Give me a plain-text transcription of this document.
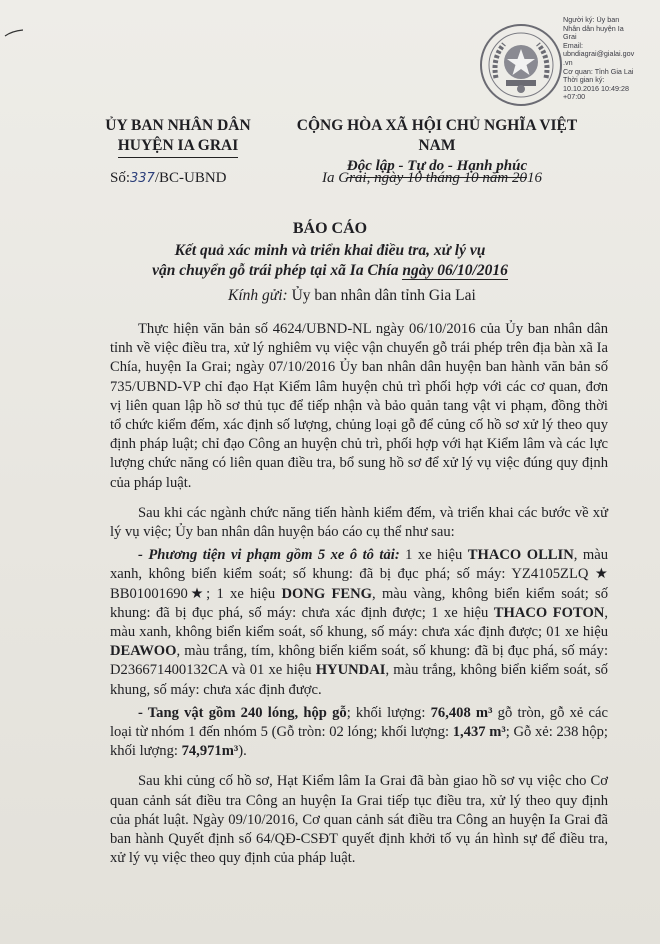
Người ký: Ủy ban
Nhân dân huyện Ia
Grai
Email:
ubndiagrai@gialai.gov
.vn
Cơ quan: Tỉnh Gia Lai
Thời gian ký:
10.10.2016 10:49:28
+07:00
ỦY BAN NHÂN DÂN
HUYỆN IA GRAI
CỘNG HÒA XÃ HỘI CHỦ NGHĨA VIỆT NAM
Độc lập - Tự do - Hạnh phúc
Số:337/BC-UBND	Ia Grai, ngày 10 tháng 10 năm 2016
BÁO CÁO
Kết quả xác minh và triển khai điều tra, xử lý vụ
vận chuyển gỗ trái phép tại xã Ia Chía ngày 06/10/2016
Kính gửi: Ủy ban nhân dân tỉnh Gia Lai

Thực hiện văn bản số 4624/UBND-NL ngày 06/10/2016 của Ủy ban nhân dân tỉnh về việc điều tra, xử lý nghiêm vụ việc vận chuyển gỗ trái phép trên địa bàn xã Ia Chía, huyện Ia Grai; ngày 07/10/2016 Ủy ban nhân dân huyện ban hành văn bản số 735/UBND-VP chỉ đạo Hạt Kiểm lâm huyện chủ trì phối hợp với các cơ quan, đơn vị liên quan lập hồ sơ thủ tục để tiếp nhận và bảo quản tang vật vi phạm, đồng thời tổ chức kiểm đếm, xác định số lượng, chủng loại gỗ để củng cố hồ sơ xử lý theo quy định pháp luật; chỉ đạo Công an huyện chủ trì, phối hợp với hạt Kiểm lâm và các lực lượng chức năng có liên quan điều tra, bổ sung hồ sơ để xử lý vụ việc đúng quy định của pháp luật.

Sau khi các ngành chức năng tiến hành kiểm đếm, và triển khai các bước về xử lý vụ việc; Ủy ban nhân dân huyện báo cáo cụ thể như sau:

- Phương tiện vi phạm gồm 5 xe ô tô tải: 1 xe hiệu THACO OLLIN, màu xanh, không biển kiểm soát; số khung: đã bị đục phá; số máy: YZ4105ZLQ ★ BB01001690★; 1 xe hiệu DONG FENG, màu vàng, không biển kiểm soát; số khung: đã bị đục phá, số máy: chưa xác định được; 1 xe hiệu THACO FOTON, màu xanh, không biển kiểm soát, số khung, số máy: chưa xác định được; 01 xe hiệu DEAWOO, màu trắng, tím, không biển kiểm soát, số khung: đã bị đục phá, số máy: D236671400132CA và 01 xe hiệu HYUNDAI, màu trắng, không biển kiểm soát, số khung, số máy: chưa xác định được.

- Tang vật gồm 240 lóng, hộp gỗ; khối lượng: 76,408 m³ gỗ tròn, gỗ xẻ các loại từ nhóm 1 đến nhóm 5 (Gỗ tròn: 02 lóng; khối lượng: 1,437 m³; Gỗ xẻ: 238 hộp; khối lượng: 74,971m³).

Sau khi củng cố hồ sơ, Hạt Kiểm lâm Ia Grai đã bàn giao hồ sơ vụ việc cho Cơ quan cảnh sát điều tra Công an huyện Ia Grai tiếp tục điều tra, xử lý theo quy định của phát luật. Ngày 09/10/2016, Cơ quan cảnh sát điều tra Công an huyện Ia Grai đã ban hành Quyết định số 64/QĐ-CSĐT quyết định khởi tố vụ án hình sự để điều tra, xử lý vụ việc theo quy định của pháp luật.
